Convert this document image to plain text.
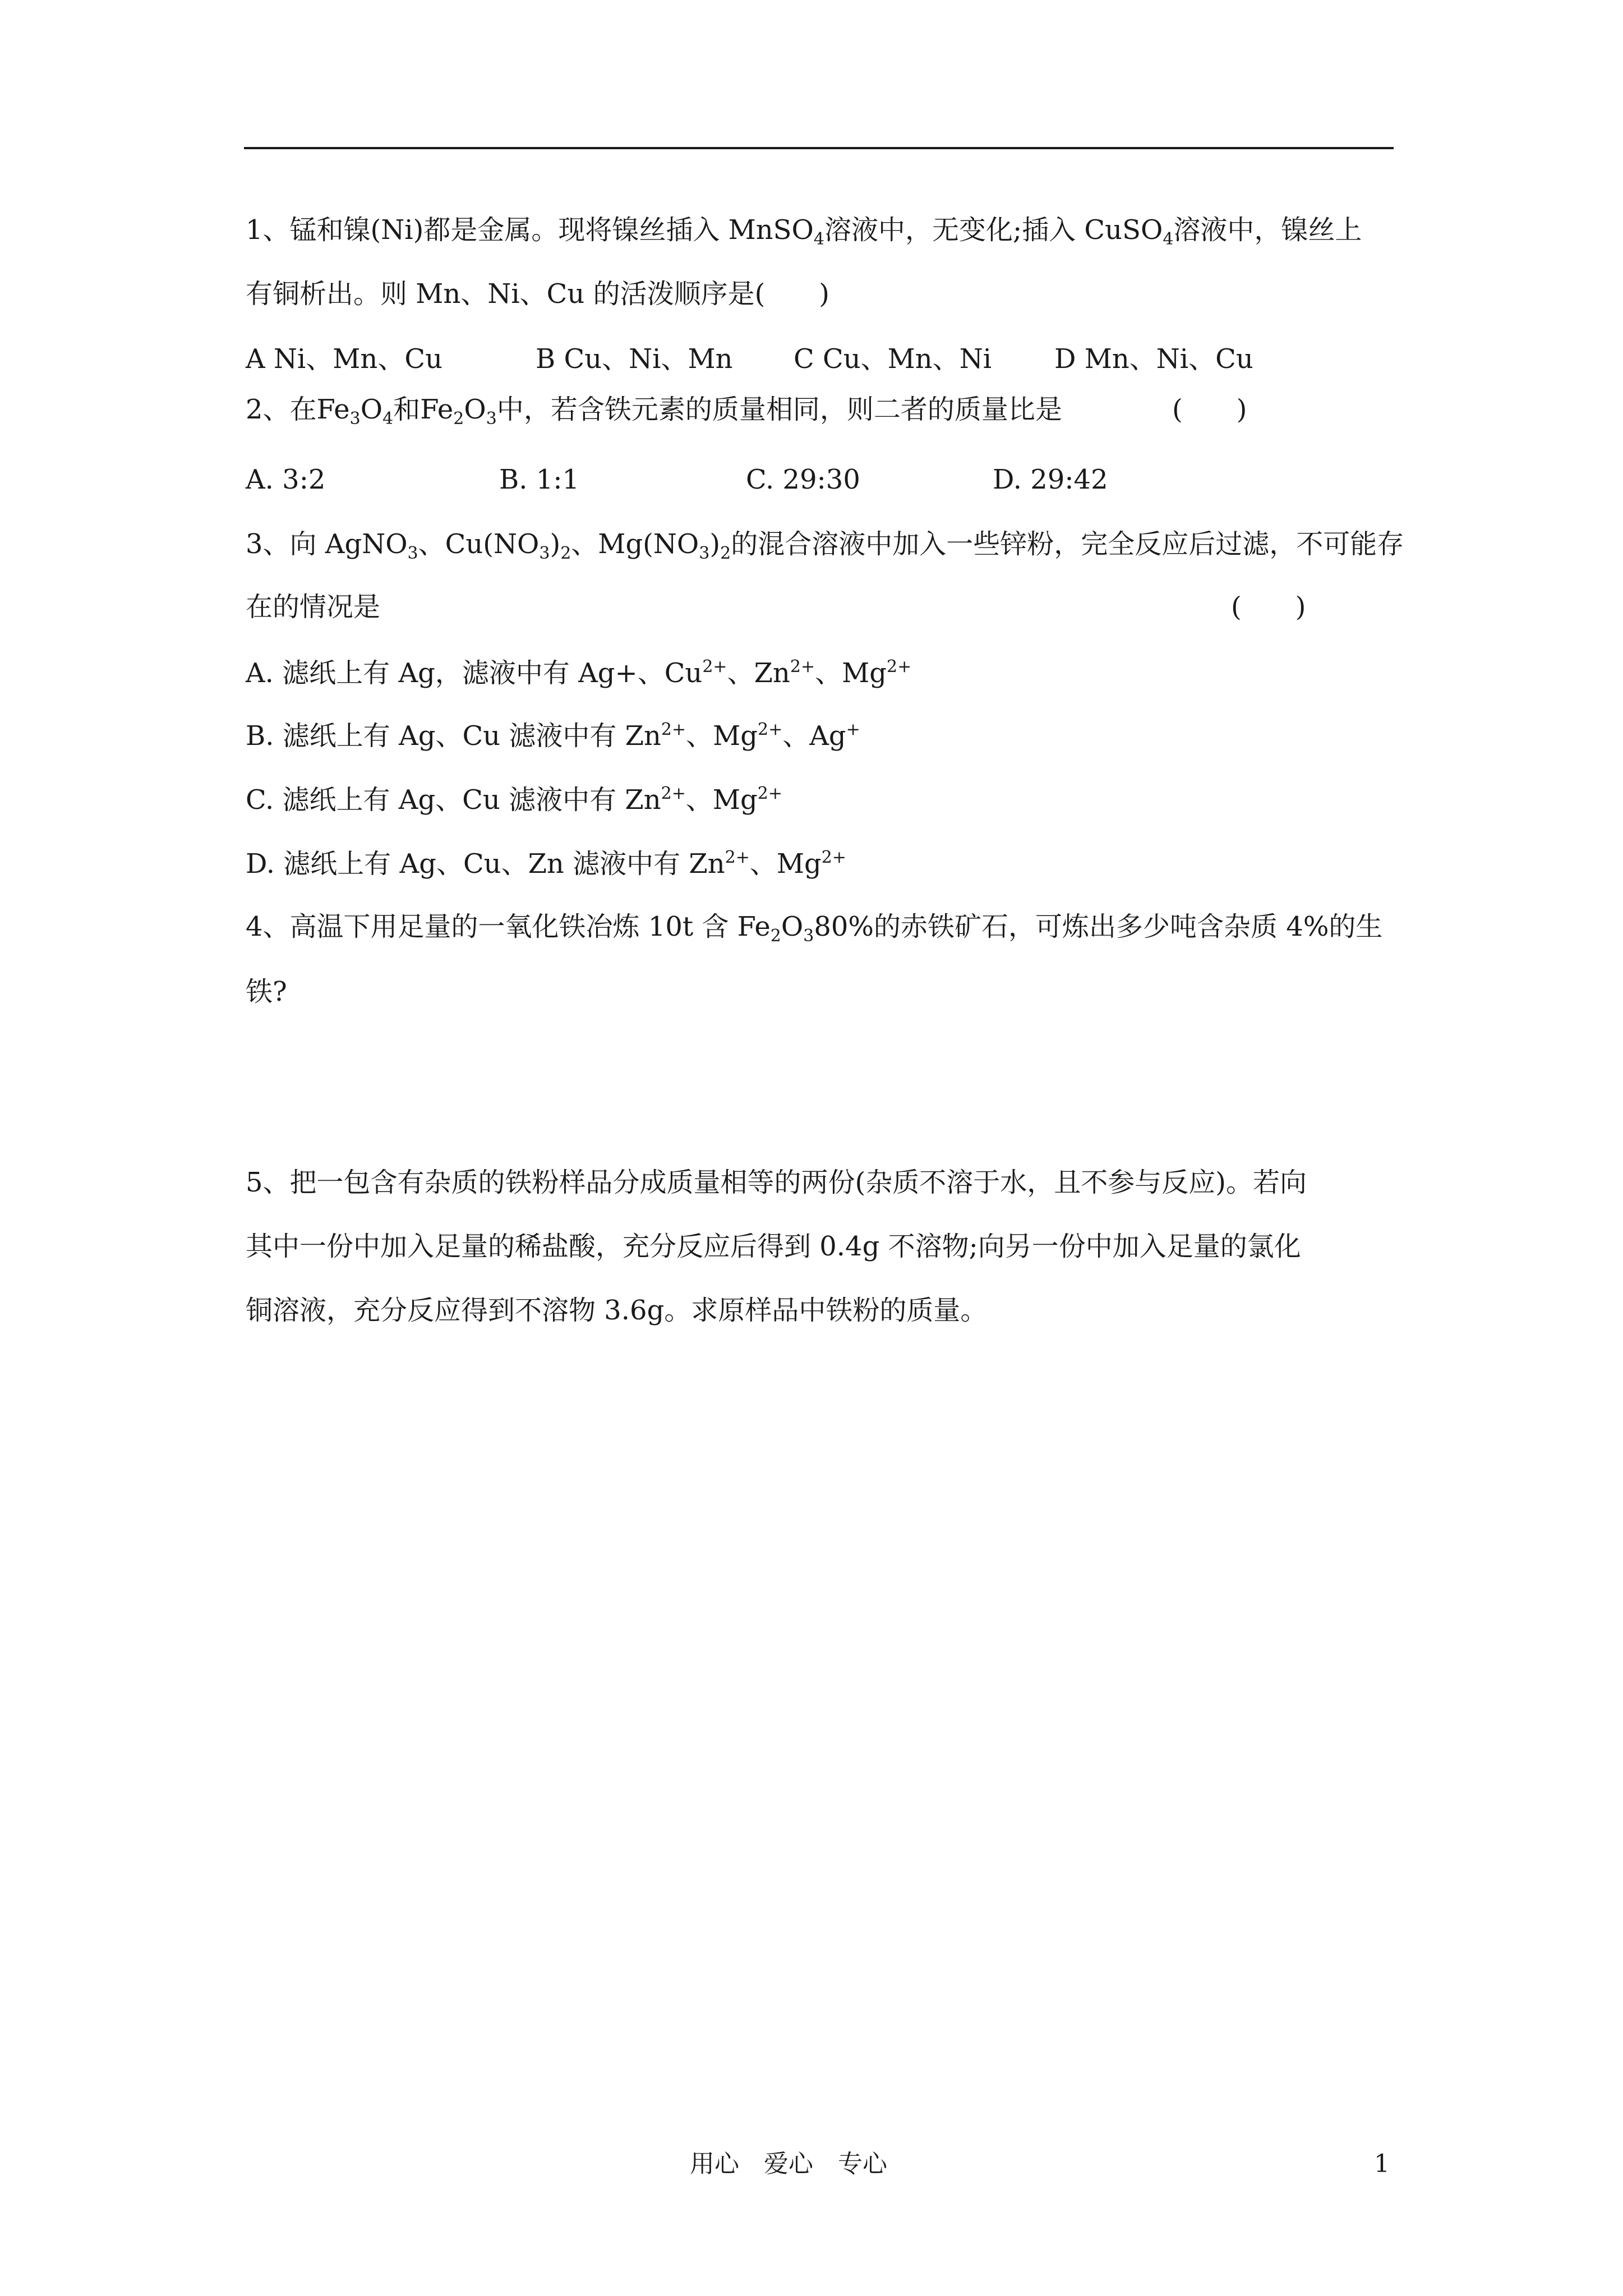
1、锰和镍(Ni)都是金属。现将镍丝插入 MnSO$_4$溶液中，无变化;插入 CuSO$_4$溶液中，镍丝上
有铜析出。则 Mn、Ni、Cu 的活泼顺序是(　　)
A Ni、Mn、Cu	B Cu、Ni、Mn C Cu、Mn、Ni D Mn、Ni、Cu
2、在$Fe_3O_4$和$Fe_2O_3$中，若含铁元素的质量相同，则二者的质量比是	(　　)
A. 3:2	B. 1:1	C. 29:30	D. 29:42
3、向 AgNO$_3$、$Cu(NO_3)_2$、$Mg(NO_3)_2$的混合溶液中加入一些锌粉，完全反应后过滤，不可能存
在的情况是	(　　)
A. 滤纸上有 Ag，滤液中有 Ag+、$Cu^{2+}$、$Zn^{2+}$、$Mg^{2+}$
B. 滤纸上有 Ag、Cu 滤液中有 $Zn^{2+}$、$Mg^{2+}$、Ag+
C. 滤纸上有 Ag、Cu 滤液中有 $Zn^{2+}$、$Mg^{2+}$
D. 滤纸上有 Ag、Cu、Zn 滤液中有 $Zn^{2+}$、$Mg^{2+}$
4、高温下用足量的一氧化铁冶炼 10t 含 $Fe_2O_380\%$的赤铁矿石，可炼出多少吨含杂质 4%的生
铁?
5、把一包含有杂质的铁粉样品分成质量相等的两份(杂质不溶于水，且不参与反应)。若向
其中一份中加入足量的稀盐酸，充分反应后得到 0.4g 不溶物;向另一份中加入足量的氯化
铜溶液，充分反应得到不溶物 3.6g。求原样品中铁粉的质量。
用心　爱心　专心	1
